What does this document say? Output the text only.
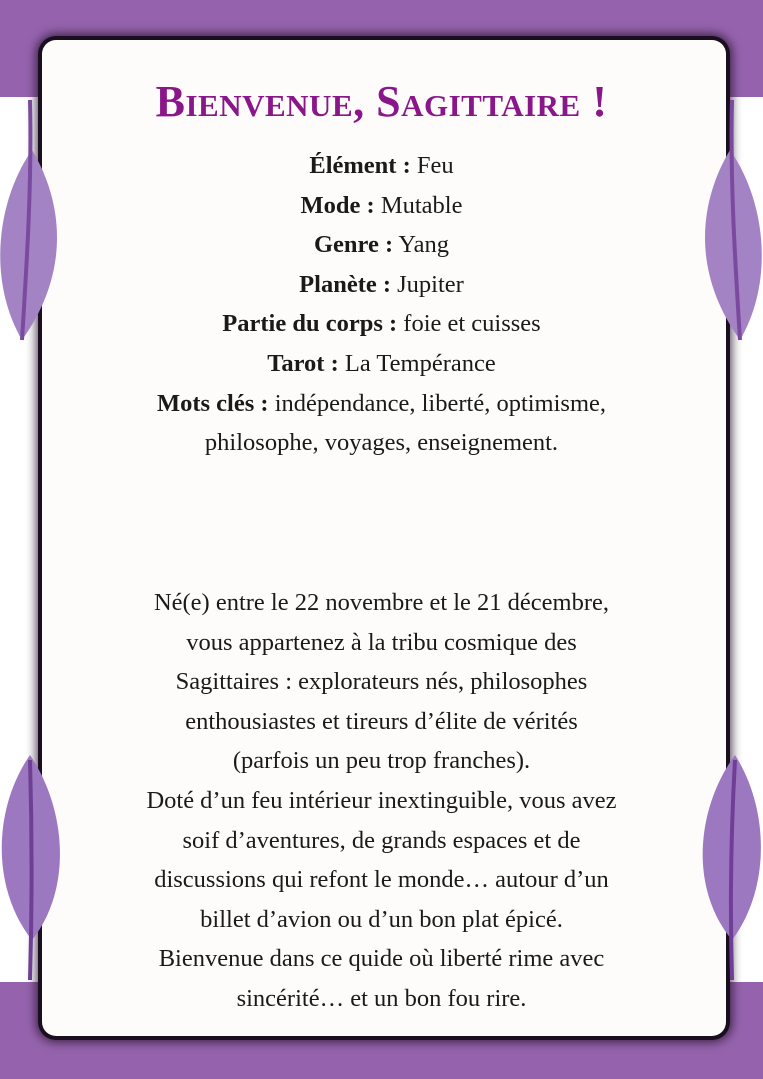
Bienvenue, Sagittaire !
Élément : Feu
Mode : Mutable
Genre : Yang
Planète : Jupiter
Partie du corps : foie et cuisses
Tarot : La Tempérance
Mots clés : indépendance, liberté, optimisme,
philosophe, voyages, enseignement.
Né(e) entre le 22 novembre et le 21 décembre,
vous appartenez à la tribu cosmique des
Sagittaires : explorateurs nés, philosophes
enthousiastes et tireurs d’élite de vérités
(parfois un peu trop franches).
Doté d’un feu intérieur inextinguible, vous avez
soif d’aventures, de grands espaces et de
discussions qui refont le monde… autour d’un
billet d’avion ou d’un bon plat épicé.
Bienvenue dans ce quide où liberté rime avec
sincérité… et un bon fou rire.
